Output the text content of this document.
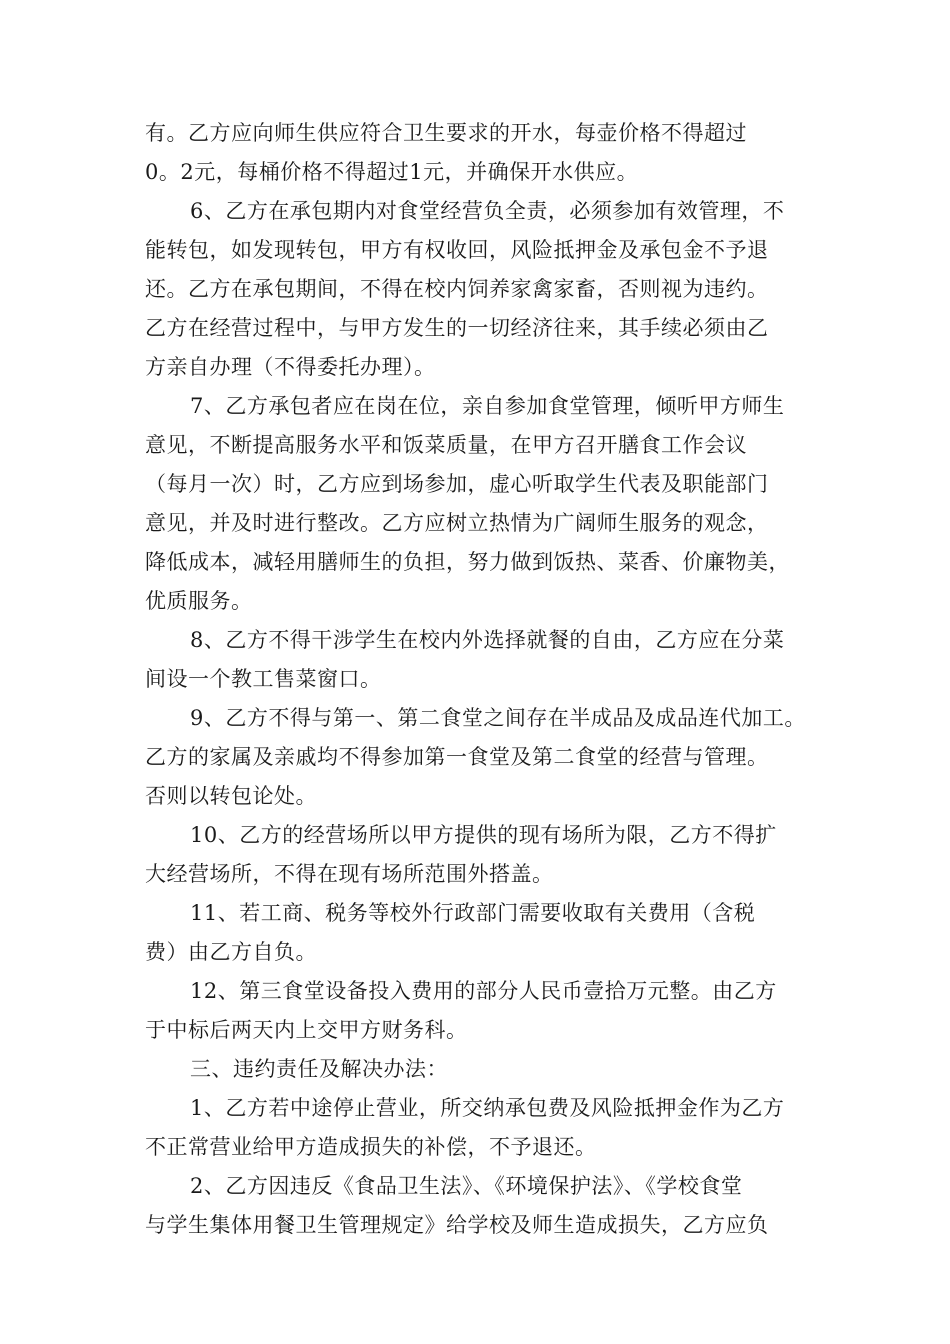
有。乙方应向师生供应符合卫生要求的开水，每壶价格不得超过
0。2元，每桶价格不得超过1元，并确保开水供应。
6、乙方在承包期内对食堂经营负全责，必须参加有效管理，不
能转包，如发现转包，甲方有权收回，风险抵押金及承包金不予退
还。乙方在承包期间，不得在校内饲养家禽家畜，否则视为违约。
乙方在经营过程中，与甲方发生的一切经济往来，其手续必须由乙
方亲自办理（不得委托办理）。
7、乙方承包者应在岗在位，亲自参加食堂管理，倾听甲方师生
意见，不断提高服务水平和饭菜质量，在甲方召开膳食工作会议
（每月一次）时，乙方应到场参加，虚心听取学生代表及职能部门
意见，并及时进行整改。乙方应树立热情为广阔师生服务的观念，
降低成本，减轻用膳师生的负担，努力做到饭热、菜香、价廉物美，
优质服务。
8、乙方不得干涉学生在校内外选择就餐的自由，乙方应在分菜
间设一个教工售菜窗口。
9、乙方不得与第一、第二食堂之间存在半成品及成品连代加工。
乙方的家属及亲戚均不得参加第一食堂及第二食堂的经营与管理。
否则以转包论处。
10、乙方的经营场所以甲方提供的现有场所为限，乙方不得扩
大经营场所，不得在现有场所范围外搭盖。
11、若工商、税务等校外行政部门需要收取有关费用（含税
费）由乙方自负。
12、第三食堂设备投入费用的部分人民币壹拾万元整。由乙方
于中标后两天内上交甲方财务科。
三、违约责任及解决办法：
1、乙方若中途停止营业，所交纳承包费及风险抵押金作为乙方
不正常营业给甲方造成损失的补偿，不予退还。
2、乙方因违反《食品卫生法》、《环境保护法》、《学校食堂
与学生集体用餐卫生管理规定》给学校及师生造成损失，乙方应负
